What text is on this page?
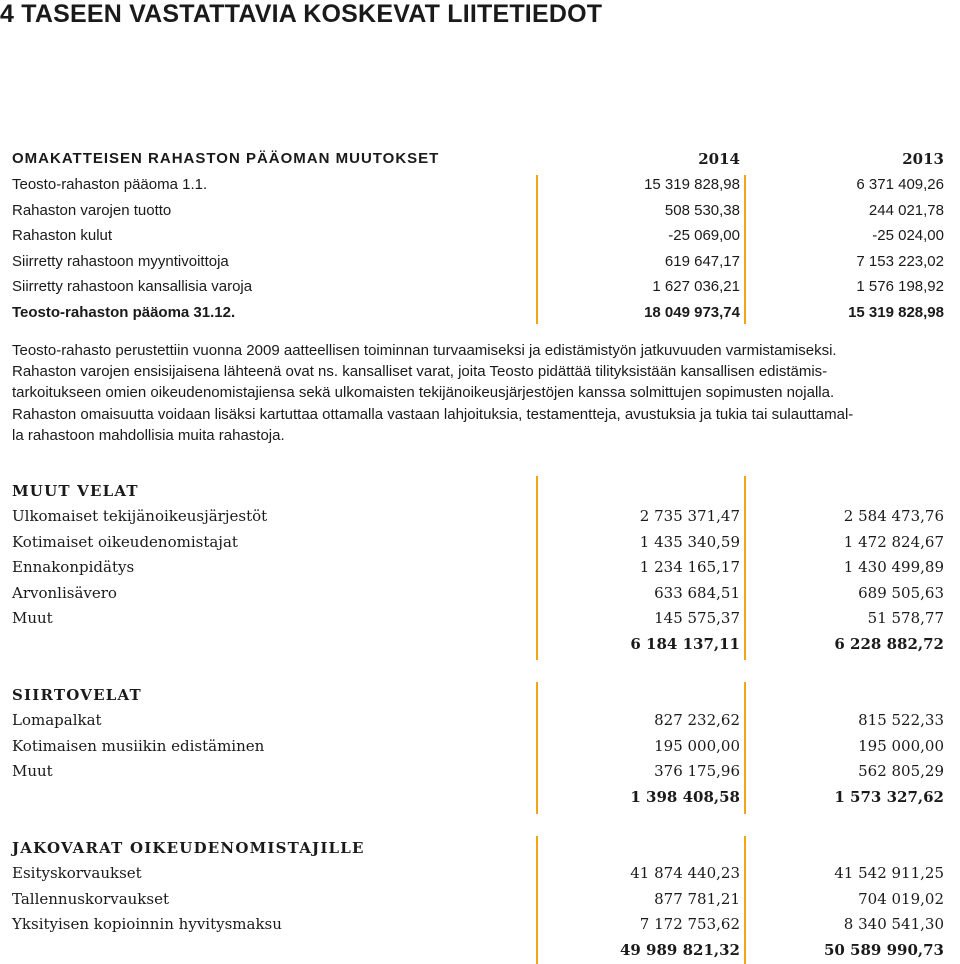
4 TASEEN VASTATTAVIA KOSKEVAT LIITETIEDOT
OMAKATTEISEN RAHASTON PÄÄOMAN MUUTOKSET	2014	2013
Teosto-rahaston pääoma 1.1.	15 319 828,98	6 371 409,26
Rahaston varojen tuotto	508 530,38	244 021,78
Rahaston kulut	-25 069,00	-25 024,00
Siirretty rahastoon myyntivoittoja	619 647,17	7 153 223,02
Siirretty rahastoon kansallisia varoja	1 627 036,21	1 576 198,92
Teosto-rahaston pääoma 31.12.	18 049 973,74	15 319 828,98

Teosto-rahasto perustettiin vuonna 2009 aatteellisen toiminnan turvaamiseksi ja edistämistyön jatkuvuuden varmistamiseksi.

Rahaston varojen ensisijaisena lähteenä ovat ns. kansalliset varat, joita Teosto pidättää tilityksistään kansallisen edistämis-

tarkoitukseen omien oikeudenomistajiensa sekä ulkomaisten tekijänoikeusjärjestöjen kanssa solmittujen sopimusten nojalla.

Rahaston omaisuutta voidaan lisäksi kartuttaa ottamalla vastaan lahjoituksia, testamentteja, avustuksia ja tukia tai sulauttamal-

la rahastoon mahdollisia muita rahastoja.

MUUT VELAT
Ulkomaiset tekijänoikeusjärjestöt	2 735 371,47	2 584 473,76
Kotimaiset oikeudenomistajat	1 435 340,59	1 472 824,67
Ennakonpidätys	1 234 165,17	1 430 499,89
Arvonlisävero	633 684,51	689 505,63
Muut	145 575,37	51 578,77
6 184 137,11	6 228 882,72
SIIRTOVELAT
Lomapalkat	827 232,62	815 522,33
Kotimaisen musiikin edistäminen	195 000,00	195 000,00
Muut	376 175,96	562 805,29
1 398 408,58	1 573 327,62
JAKOVARAT OIKEUDENOMISTAJILLE
Esityskorvaukset	41 874 440,23	41 542 911,25
Tallennuskorvaukset	877 781,21	704 019,02
Yksityisen kopioinnin hyvitysmaksu	7 172 753,62	8 340 541,30
49 989 821,32	50 589 990,73
